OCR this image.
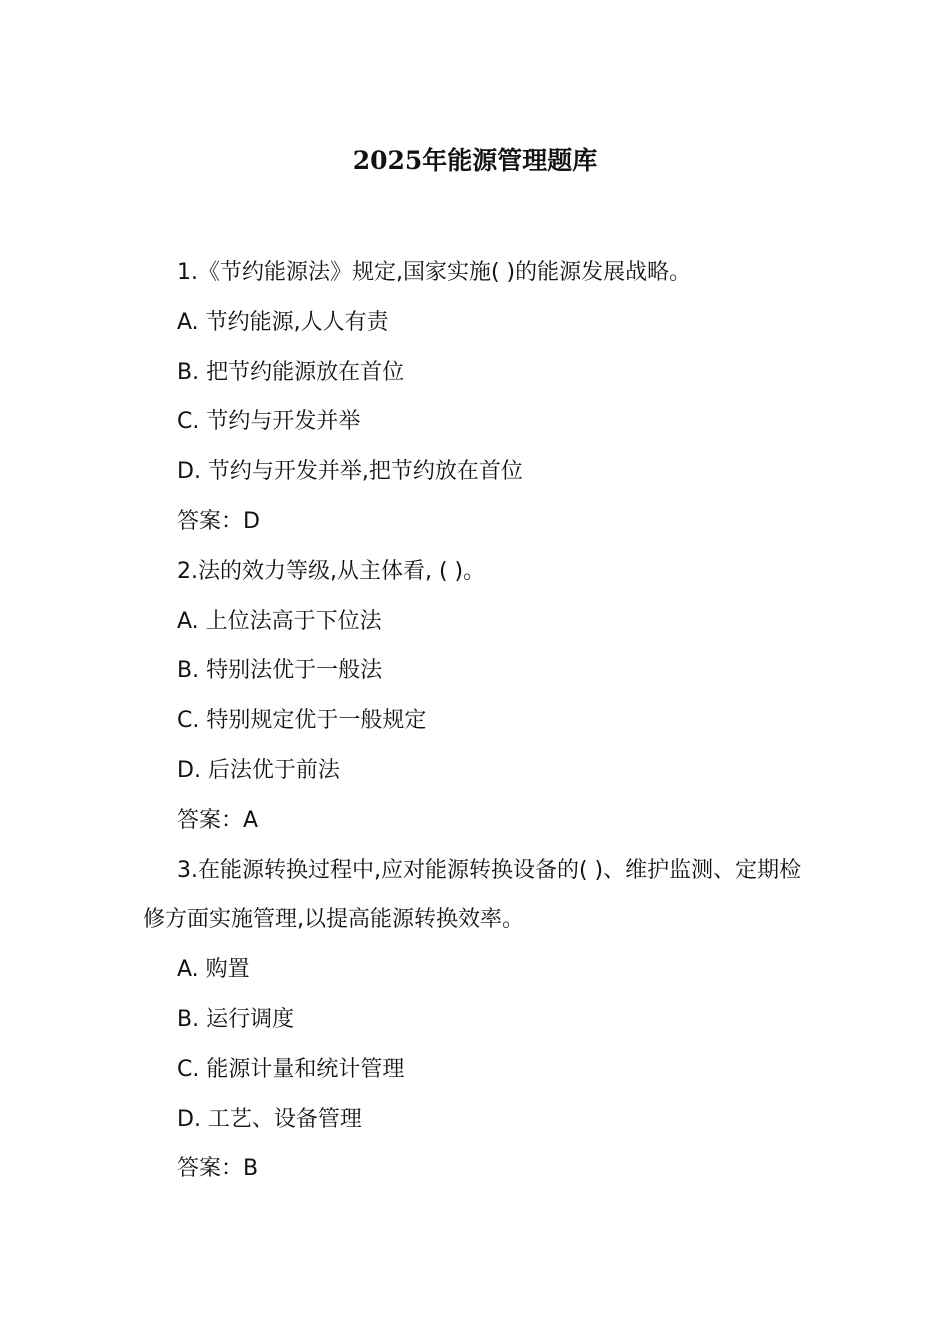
2025年能源管理题库

1.《节约能源法》规定,国家实施( )的能源发展战略。

A. 节约能源,人人有责

B. 把节约能源放在首位

C. 节约与开发并举

D. 节约与开发并举,把节约放在首位

答案：D

2.法的效力等级,从主体看, ( )。

A. 上位法高于下位法

B. 特别法优于一般法

C. 特别规定优于一般规定

D. 后法优于前法

答案：A

3.在能源转换过程中,应对能源转换设备的( )、维护监测、定期检修方面实施管理,以提高能源转换效率。

A. 购置

B. 运行调度

C. 能源计量和统计管理

D. 工艺、设备管理

答案：B
